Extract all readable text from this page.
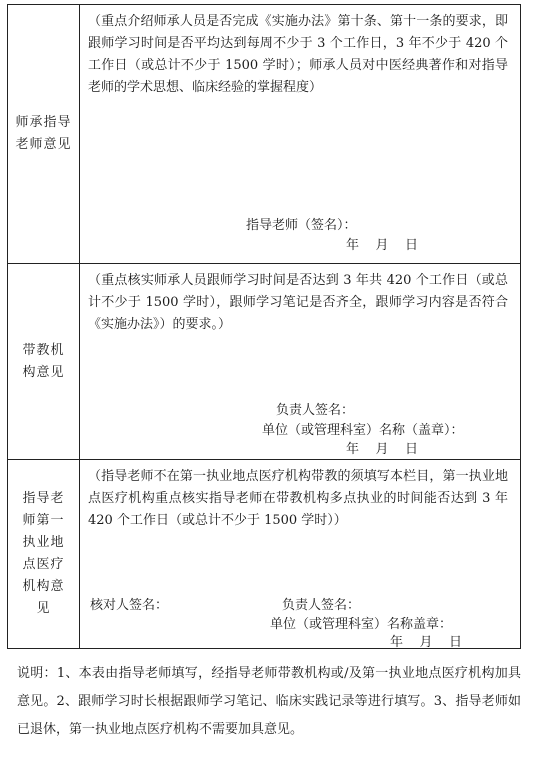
师承指导老师意见
（重点介绍师承人员是否完成《实施办法》第十条、第十一条的要求，即跟师学习时间是否平均达到每周不少于 3 个工作日，3 年不少于 420 个工作日（或总计不少于 1500 学时）；师承人员对中医经典著作和对指导老师的学术思想、临床经验的掌握程度）
指导老师（签名）：
年    月    日
带教机构意见
（重点核实师承人员跟师学习时间是否达到 3 年共 420 个工作日（或总计不少于 1500 学时），跟师学习笔记是否齐全，跟师学习内容是否符合《实施办法》）的要求。）
负责人签名：
单位（或管理科室）名称（盖章）：
年    月    日
指导老师第一执业地点医疗机构意见
（指导老师不在第一执业地点医疗机构带教的须填写本栏目，第一执业地点医疗机构重点核实指导老师在带教机构多点执业的时间能否达到 3 年 420 个工作日（或总计不少于 1500 学时））
核对人签名：	负责人签名：
单位（或管理科室）名称盖章：
年    月    日
说明：1、本表由指导老师填写，经指导老师带教机构或/及第一执业地点医疗机构加具意见。2、跟师学习时长根据跟师学习笔记、临床实践记录等进行填写。3、指导老师如已退休，第一执业地点医疗机构不需要加具意见。
